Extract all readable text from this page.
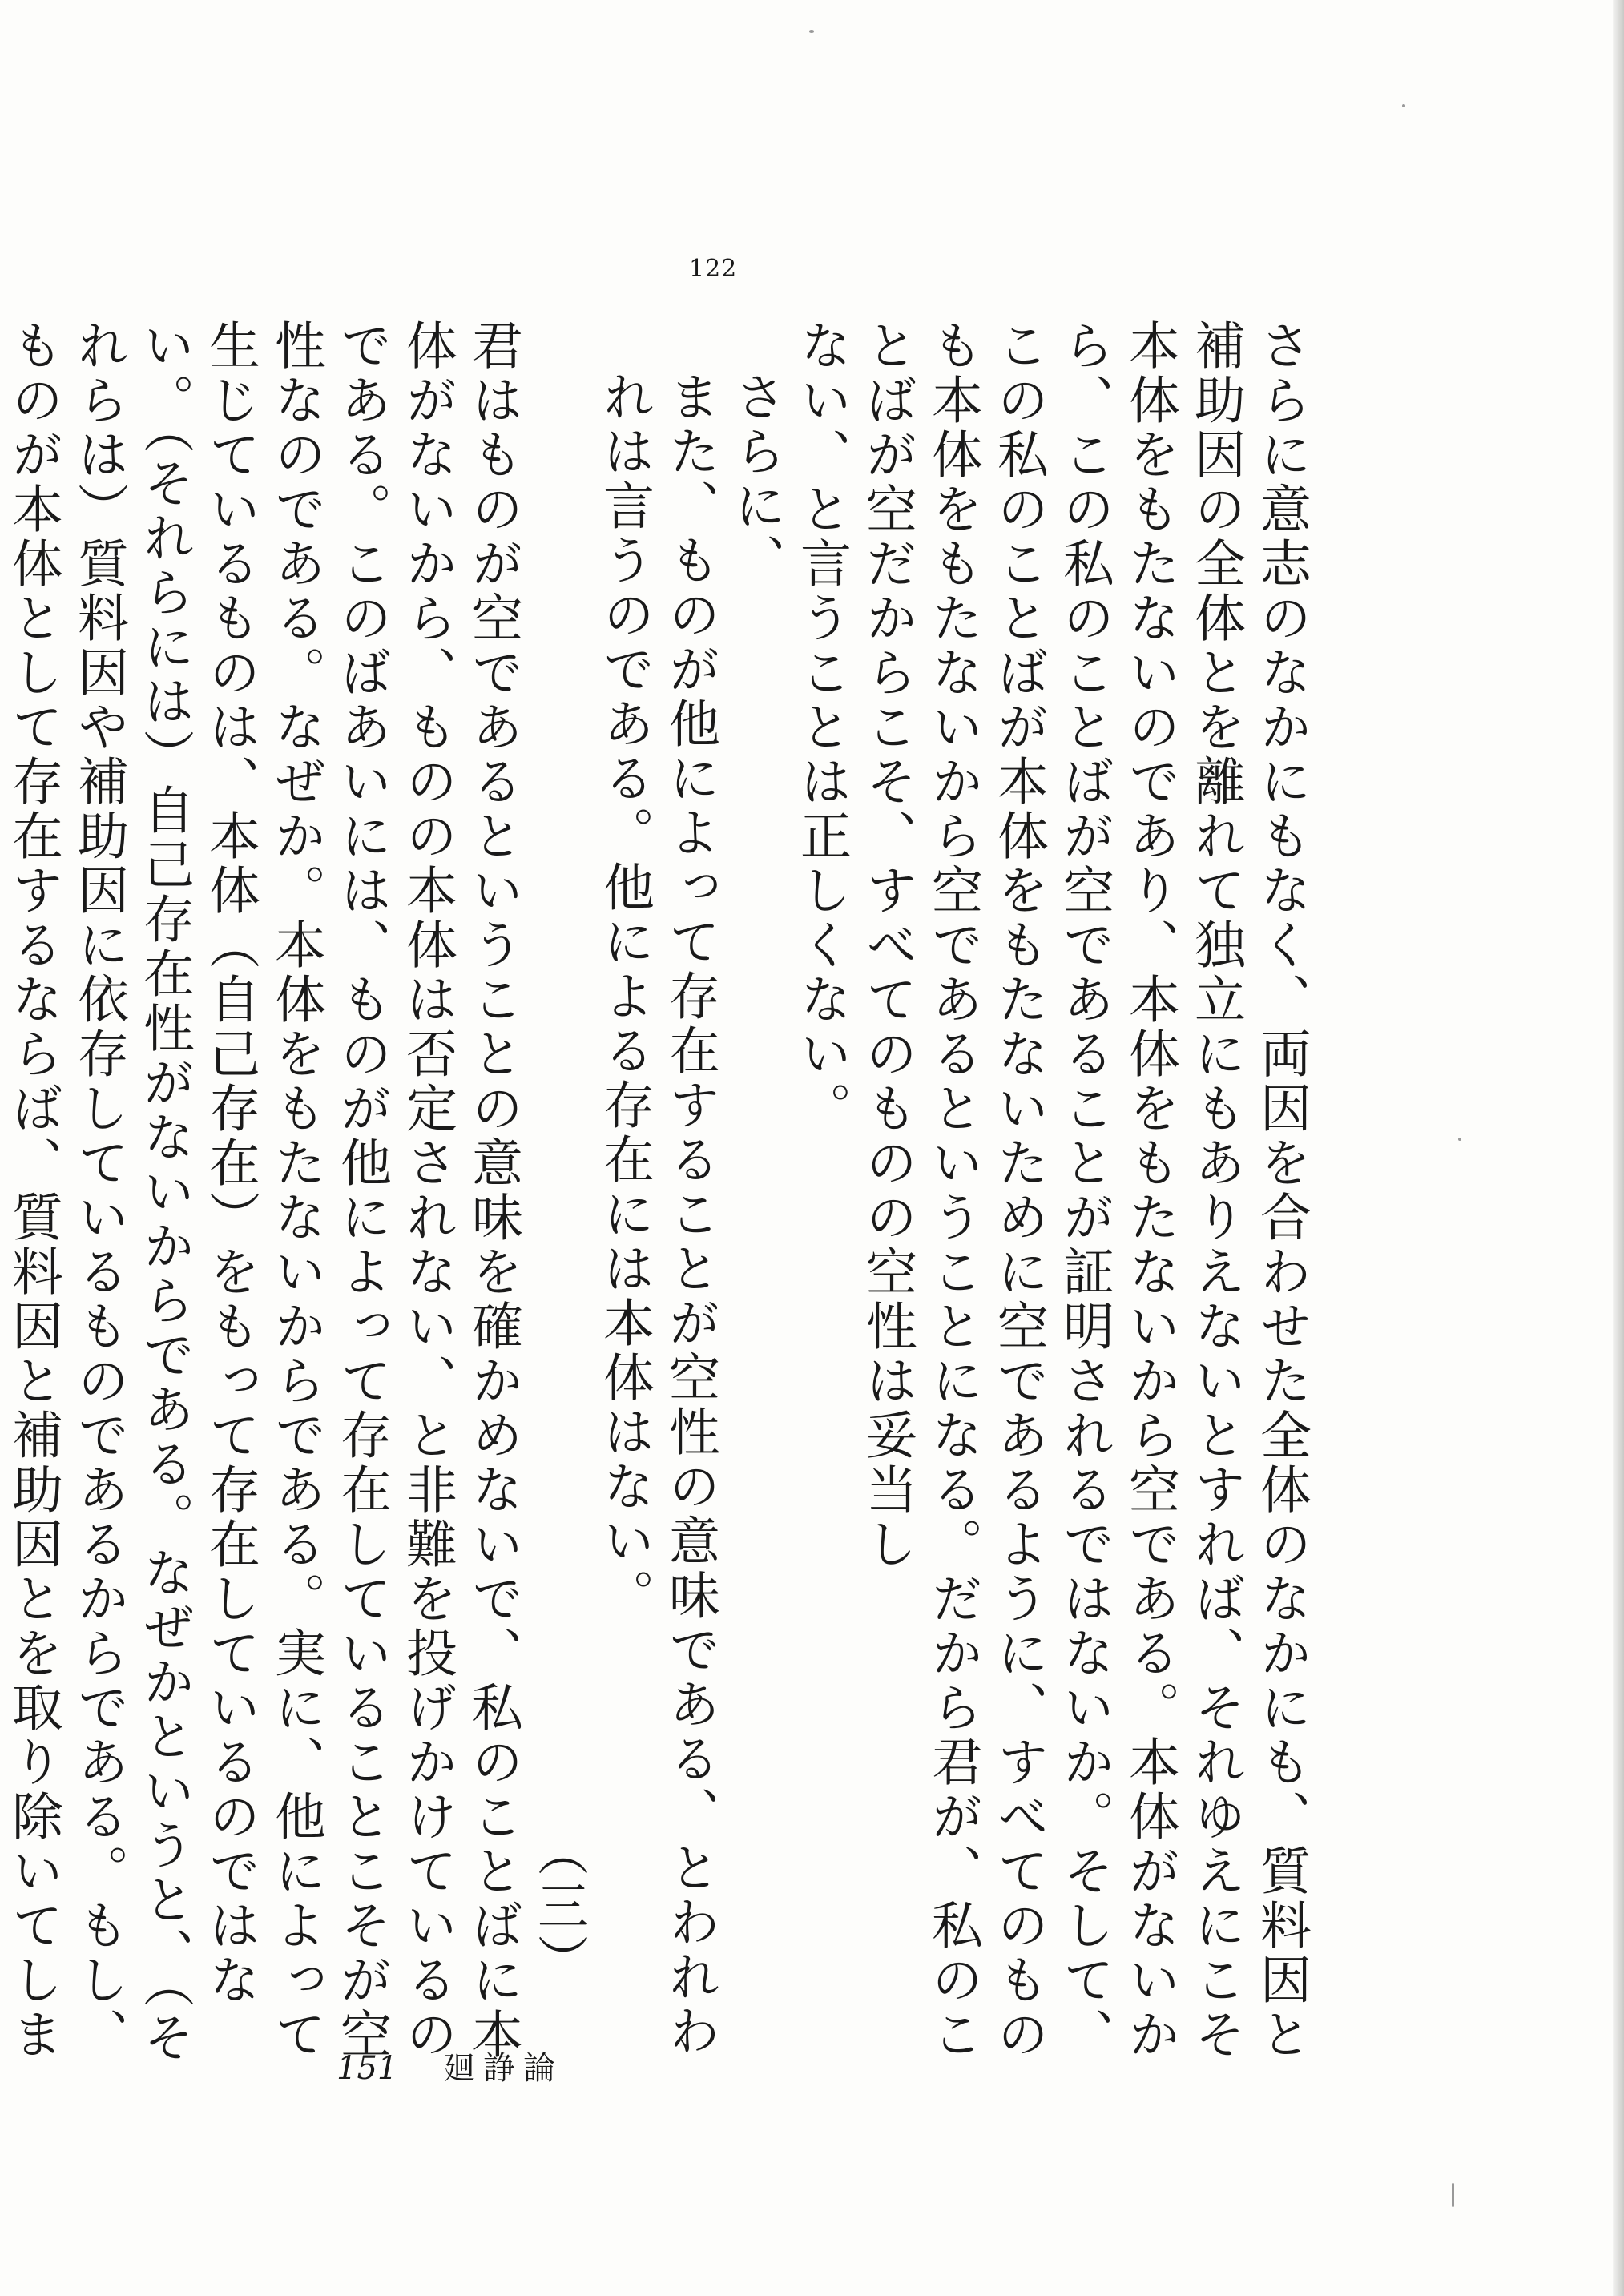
122

さらに意志のなかにもなく、両因を合わせた全体のなかにも、質料因と補助因の全体とを離れて独立にもありえないとすれば、それゆえにこそ本体をもたないのであり、本体をもたないから空である。本体がないから、この私のことばが空であることが証明されるではないか。そして、この私のことばが本体をもたないために空であるように、すべてのものも本体をもたないから空であるということになる。だから君が、私のことばが空だからこそ、すべてのものの空性は妥当し

ない、と言うことは正しくない。

さらに、

また、ものが他によって存在することが空性の意味である、とわれわれは言うのである。他による存在には本体はない。

（三）

君はものが空であるということの意味を確かめないで、私のことばに本体がないから、ものの本体は否定されない、と非難を投げかけているのである。このばあいには、ものが他によって存在していることこそが空性なのである。なぜか。本体をもたないからである。実に、他によって生じているものは、本体（自己存在）をもって存在しているのではない。（それらには）自己存在性がないからである。なぜかというと、（それらは）質料因や補助因に依存しているものであるからである。もし、ものが本体として存在するならば、質料因と補助因とを取り除いてしま

151 廻諍論
